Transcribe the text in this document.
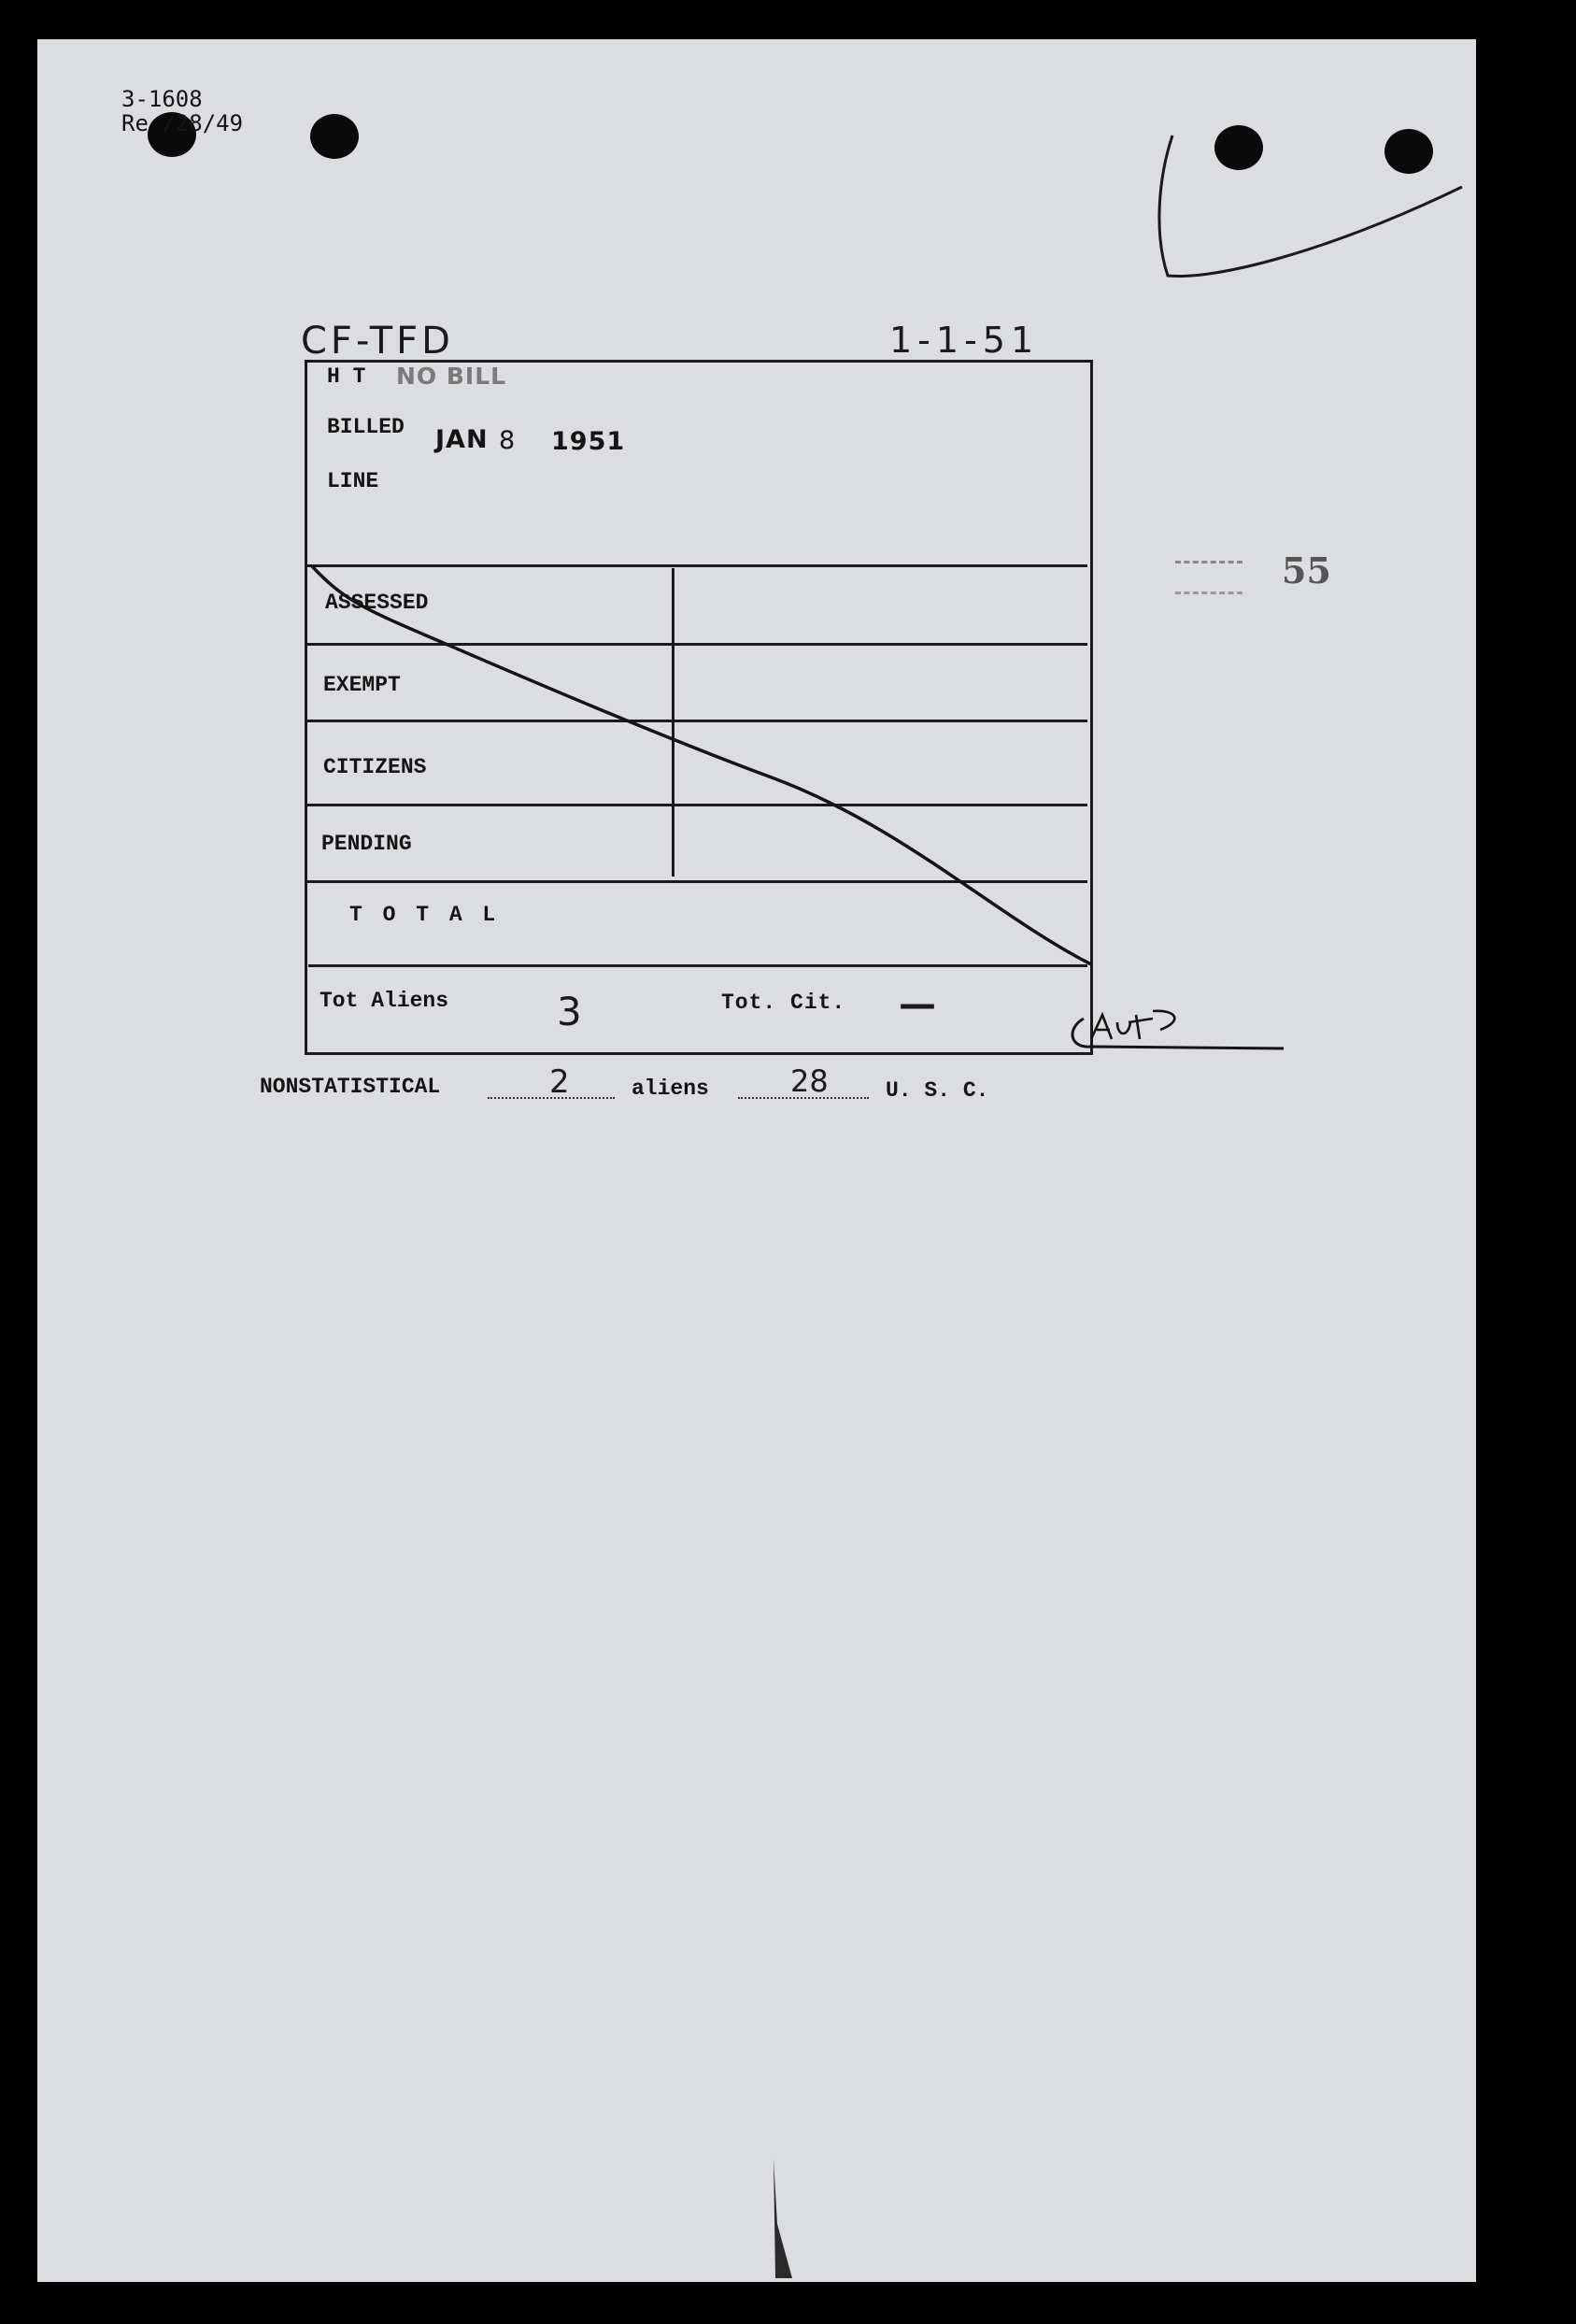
3-1608
Re /28/49
CF-TFD	1-1-51
H T NO BILL
BILLED JAN 8 1951
LINE
ASSESSED
EXEMPT
CITIZENS
PENDING
T O T A L
Tot Aliens	3	Tot. Cit. —
NONSTATISTICAL	2	aliens	28	U. S. C.
55
